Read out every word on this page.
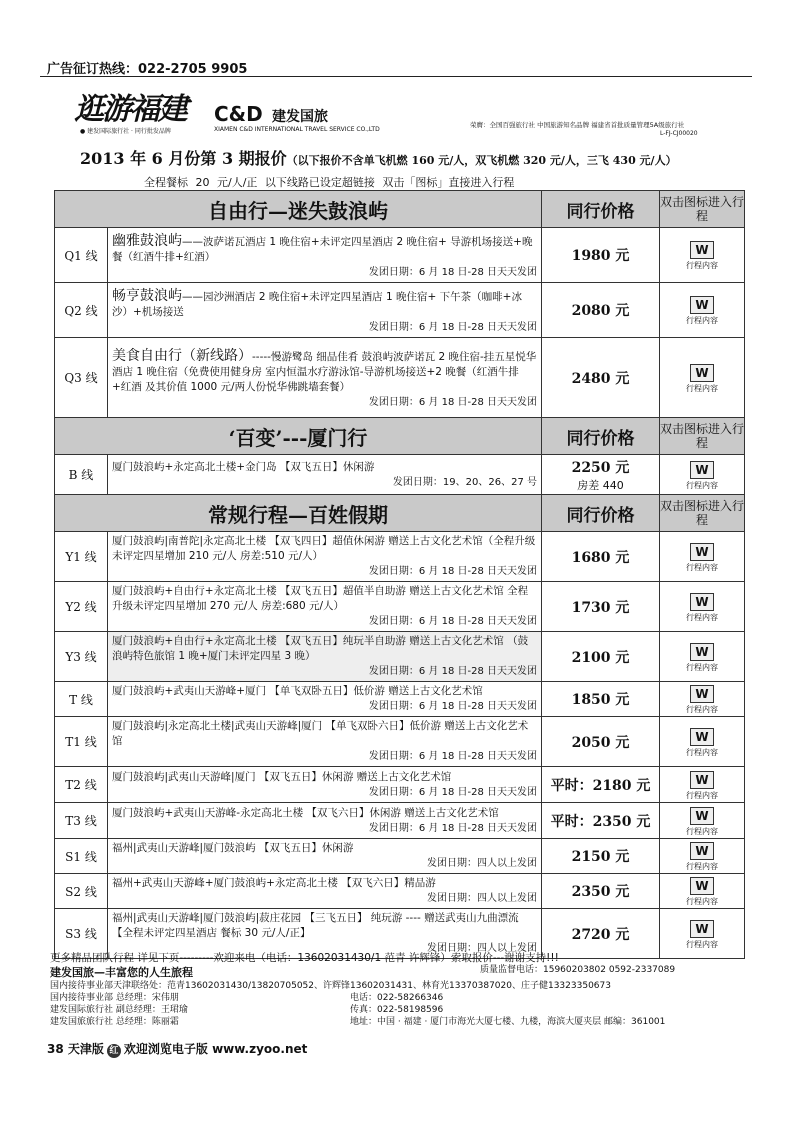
广告征订热线：022-2705 9905
逛游福建
● 建发国际旅行社 · 同行批发品牌
C&D 建发国旅
XIAMEN C&D INTERNATIONAL TRAVEL SERVICE CO.,LTD
荣膺：全国百强旅行社 中国旅游知名品牌 福建省首批质量管理5A级旅行社
L-FJ-CJ00020
2013 年 6 月份第 3 期报价（以下报价不含单飞机燃 160 元/人，双飞机燃 320 元/人，三飞 430 元/人）
全程餐标 20 元/人/正 以下线路已设定超链接 双击「图标」直接进入行程
自由行—迷失鼓浪屿		同行价格	双击图标进入行程

Q1 线	幽雅鼓浪屿——波萨诺瓦酒店 1 晚住宿+未评定四星酒店 2 晚住宿+ 导游机场接送+晚餐（红酒牛排+红酒）
发团日期：6 月 18 日-28 日天天发团	1980 元	W
行程内容

Q2 线	畅亨鼓浪屿——园沙洲酒店 2 晚住宿+未评定四星酒店 1 晚住宿+ 下午茶（咖啡+冰沙）+机场接送
发团日期：6 月 18 日-28 日天天发团	2080 元	W
行程内容

Q3 线	美食自由行（新线路）-----慢游鹭岛 细品佳肴 鼓浪屿波萨诺瓦 2 晚住宿-挂五星悦华酒店 1 晚住宿（免费使用健身房 室内恒温水疗游泳馆-导游机场接送+2 晚餐（红酒牛排+红酒 及其价值 1000 元/两人份悦华佛跳墙套餐）
发团日期：6 月 18 日-28 日天天发团	2480 元	W
行程内容

‘百变’---厦门行		同行价格	双击图标进入行程

B 线	厦门鼓浪屿+永定高北土楼+金门岛 【双飞五日】休闲游
发团日期：19、20、26、27 号	2250 元
房差 440	W
行程内容

常规行程—百姓假期		同行价格	双击图标进入行程

Y1 线	厦门鼓浪屿|南普陀|永定高北土楼 【双飞四日】超值休闲游 赠送上古文化艺术馆（全程升级未评定四星增加 210 元/人 房差:510 元/人）
发团日期：6 月 18 日-28 日天天发团	1680 元	W
行程内容

Y2 线	厦门鼓浪屿+自由行+永定高北土楼 【双飞五日】超值半自助游 赠送上古文化艺术馆 全程升级未评定四星增加 270 元/人 房差:680 元/人）
发团日期：6 月 18 日-28 日天天发团	1730 元	W
行程内容

Y3 线	厦门鼓浪屿+自由行+永定高北土楼 【双飞五日】纯玩半自助游 赠送上古文化艺术馆 （鼓浪屿特色旅馆 1 晚+厦门未评定四星 3 晚）
发团日期：6 月 18 日-28 日天天发团	2100 元	W
行程内容

T 线	厦门鼓浪屿+武夷山天游峰+厦门 【单飞双卧五日】低价游 赠送上古文化艺术馆
发团日期：6 月 18 日-28 日天天发团	1850 元	W
行程内容

T1 线	厦门鼓浪屿|永定高北土楼|武夷山天游峰|厦门 【单飞双卧六日】低价游 赠送上古文化艺术馆
发团日期：6 月 18 日-28 日天天发团	2050 元	W
行程内容

T2 线	厦门鼓浪屿|武夷山天游峰|厦门 【双飞五日】休闲游 赠送上古文化艺术馆
发团日期：6 月 18 日-28 日天天发团	平时：2180 元	W
行程内容

T3 线	厦门鼓浪屿+武夷山天游峰-永定高北土楼 【双飞六日】休闲游 赠送上古文化艺术馆
发团日期：6 月 18 日-28 日天天发团	平时：2350 元	W
行程内容

S1 线	福州|武夷山天游峰|厦门鼓浪屿 【双飞五日】休闲游
发团日期：四人以上发团	2150 元	W
行程内容

S2 线	福州+武夷山天游峰+厦门鼓浪屿+永定高北土楼 【双飞六日】精品游
发团日期：四人以上发团	2350 元	W
行程内容

S3 线	福州|武夷山天游峰|厦门鼓浪屿|菽庄花园 【三飞五日】 纯玩游 ---- 赠送武夷山九曲漂流【全程未评定四星酒店 餐标 30 元/人/正】
发团日期：四人以上发团	2720 元	W
行程内容
更多精品团队行程 详见下页---------欢迎来电（电话：13602031430/1 范青 许辉锋）索取报价---谢谢支持!!!
建发国旅—丰富您的人生旅程	质量监督电话：15960203802 0592-2337089
国内接待事业部天津联络处：范青13602031430/13820705052、许辉锋13602031431、林育光13370387020、庄子健13323350673
国内接待事业部 总经理：宋伟朋	电话：022-58266346
建发国际旅行社 副总经理：王珺瑜	传真：022-58198596
建发国旅旅行社 总经理：陈丽霜	地址：中国 · 福建 · 厦门市海光大厦七楼、九楼，海滨大厦夹层 邮编：361001
38 天津版 红 欢迎浏览电子版 www.zyoo.net
